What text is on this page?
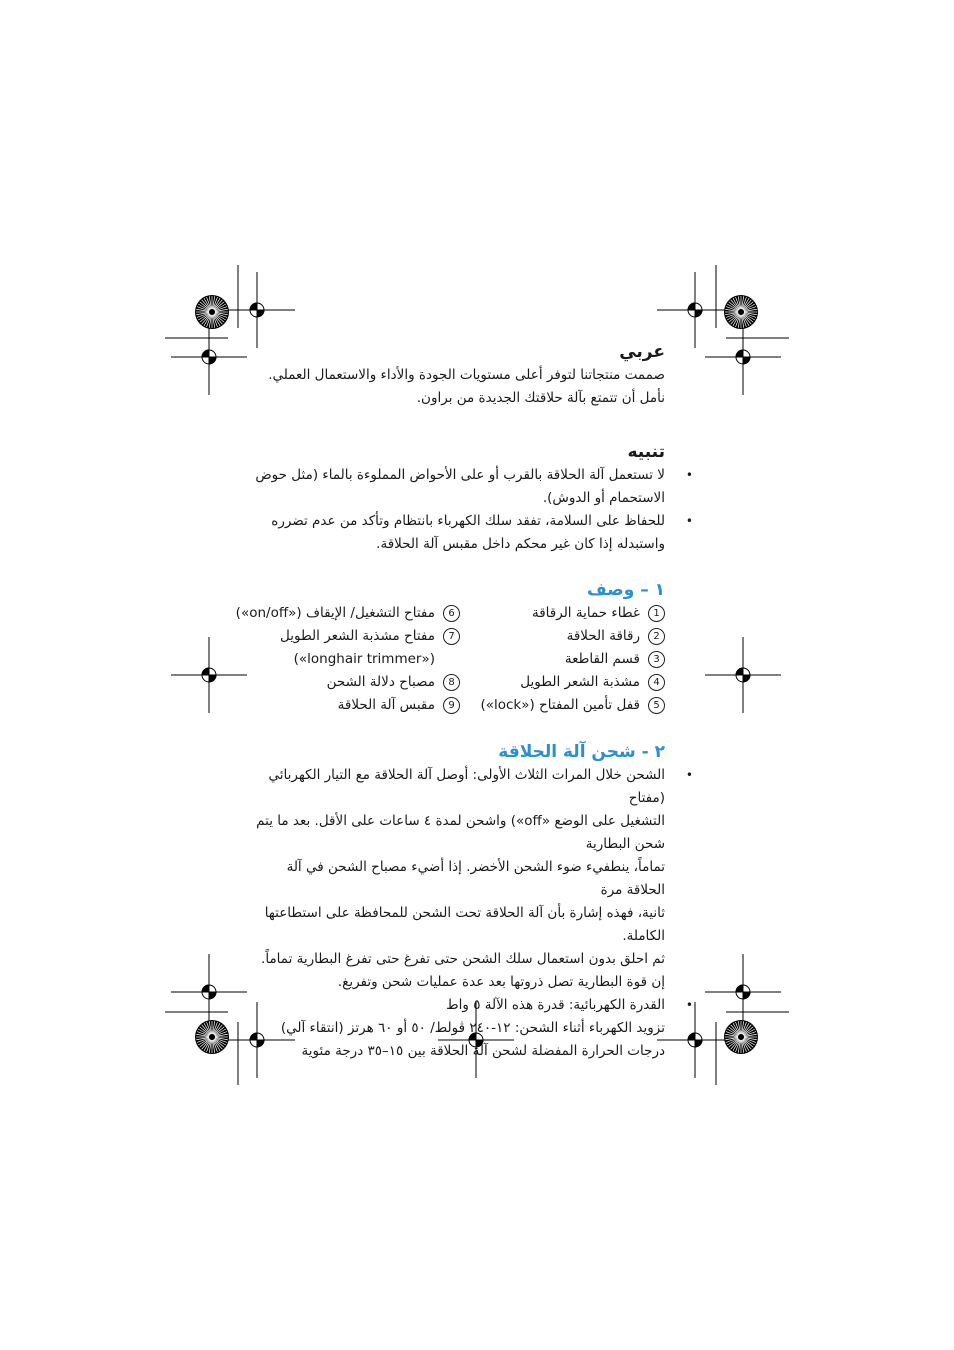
عربي

صممت منتجاتنا لتوفر أعلى مستويات الجودة والأداء والاستعمال العملي. نأمل أن تتمتع بآلة حلاقتك الجديدة من براون.

تنبيه
•
لا تستعمل آلة الحلاقة بالقرب أو على الأحواض المملوءة بالماء (مثل حوض الاستحمام أو الدوش).
•
للحفاظ على السلامة، تفقد سلك الكهرباء بانتظام وتأكد من عدم تضرره واستبدله إذا كان غير محكم داخل مقبس آلة الحلاقة.
١ – وصف
1
غطاء حماية الرقاقة
2
رقاقة الحلاقة
3
قسم القاطعة
4
مشذبة الشعر الطويل
5
قفل تأمين المفتاح («lock»)
6
مفتاح التشغيل/ الإيقاف («on/off»)
7
مفتاح مشذبة الشعر الطويل
(«longhair trimmer»)
8
مصباح دلالة الشحن
9
مقبس آلة الحلاقة
٢ - شحن آلة الحلاقة
•
الشحن خلال المرات الثلاث الأولى: أوصل آلة الحلاقة مع التيار الكهربائي (مفتاح
التشغيل على الوضع «off») واشحن لمدة ٤ ساعات على الأقل. بعد ما يتم شحن البطارية
تماماً، ينطفيء ضوء الشحن الأخضر. إذا أضيء مصباح الشحن في آلة الحلاقة مرة
ثانية، فهذه إشارة بأن آلة الحلاقة تحت الشحن للمحافظة على استطاعتها الكاملة.
ثم احلق بدون استعمال سلك الشحن حتى تفرغ حتى تفرغ البطارية تماماً.
إن قوة البطارية تصل ذروتها بعد عدة عمليات شحن وتفريغ.
•
القدرة الكهربائية: قدرة هذه الآلة ٥ واط
تزويد الكهرباء أثناء الشحن: ١٢-٢٤٠ ڤولط/ ٥٠ أو ٦٠ هرتز (انتقاء آلي)
درجات الحرارة المفضلة لشحن آلة الحلاقة بين ١٥–٣٥ درجة مئوية
